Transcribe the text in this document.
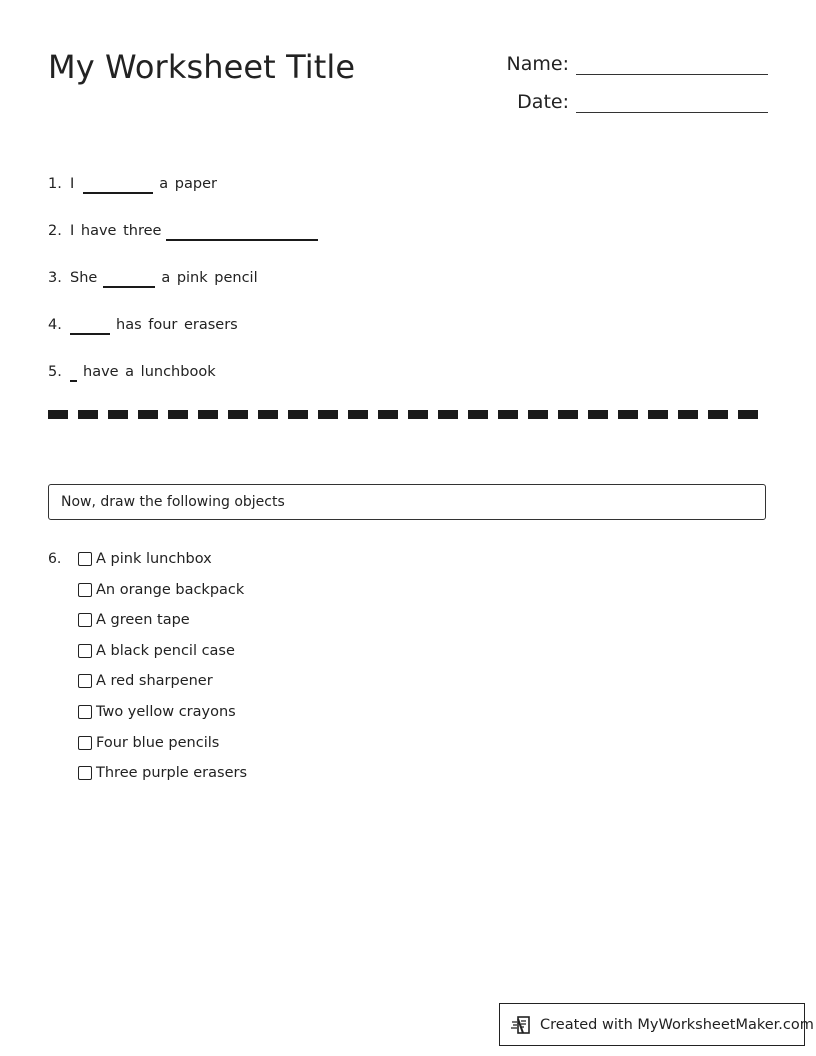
My Worksheet Title	Name:
Date:
1. I	a paper
2. I have three
3. She	a pink pencil
4.	has four erasers
5.	have a lunchbook
Now, draw the following objects
6. A pink lunchbox
An orange backpack
A green tape
A black pencil case
A red sharpener
Two yellow crayons
Four blue pencils
Three purple erasers
Created with MyWorksheetMaker.com
